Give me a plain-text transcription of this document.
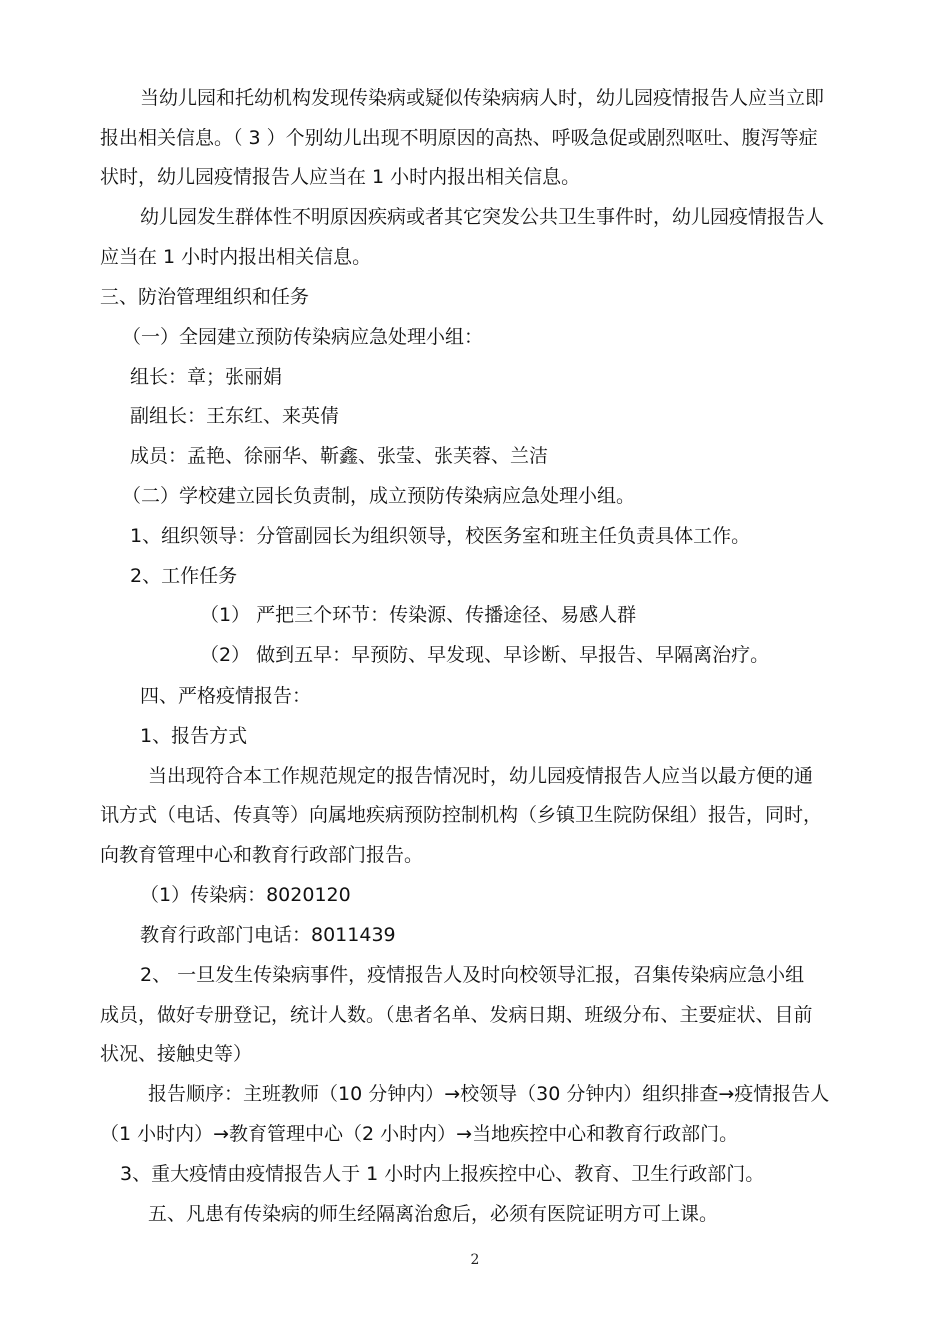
当幼儿园和托幼机构发现传染病或疑似传染病病人时，幼儿园疫情报告人应当立即
报出相关信息。（ 3 ）个别幼儿出现不明原因的高热、呼吸急促或剧烈呕吐、腹泻等症
状时，幼儿园疫情报告人应当在 1 小时内报出相关信息。
幼儿园发生群体性不明原因疾病或者其它突发公共卫生事件时，幼儿园疫情报告人
应当在 1 小时内报出相关信息。
三、防治管理组织和任务
（一）全园建立预防传染病应急处理小组：
组长：章；张丽娟
副组长：王东红、来英倩
成员：孟艳、徐丽华、靳鑫、张莹、张芙蓉、兰洁
（二）学校建立园长负责制，成立预防传染病应急处理小组。
1、组织领导：分管副园长为组织领导，校医务室和班主任负责具体工作。
2、工作任务
（1） 严把三个环节：传染源、传播途径、易感人群
（2） 做到五早：早预防、早发现、早诊断、早报告、早隔离治疗。
四、严格疫情报告：
1、报告方式
当出现符合本工作规范规定的报告情况时，幼儿园疫情报告人应当以最方便的通
讯方式（电话、传真等）向属地疾病预防控制机构（乡镇卫生院防保组）报告，同时，
向教育管理中心和教育行政部门报告。
（1）传染病：8020120
教育行政部门电话：8011439
2、 一旦发生传染病事件，疫情报告人及时向校领导汇报，召集传染病应急小组
成员，做好专册登记，统计人数。（患者名单、发病日期、班级分布、主要症状、目前
状况、接触史等）
报告顺序：主班教师（10 分钟内）→校领导（30 分钟内）组织排查→疫情报告人
（1 小时内）→教育管理中心（2 小时内）→当地疾控中心和教育行政部门。
3、重大疫情由疫情报告人于 1 小时内上报疾控中心、教育、卫生行政部门。
五、凡患有传染病的师生经隔离治愈后，必须有医院证明方可上课。
2
